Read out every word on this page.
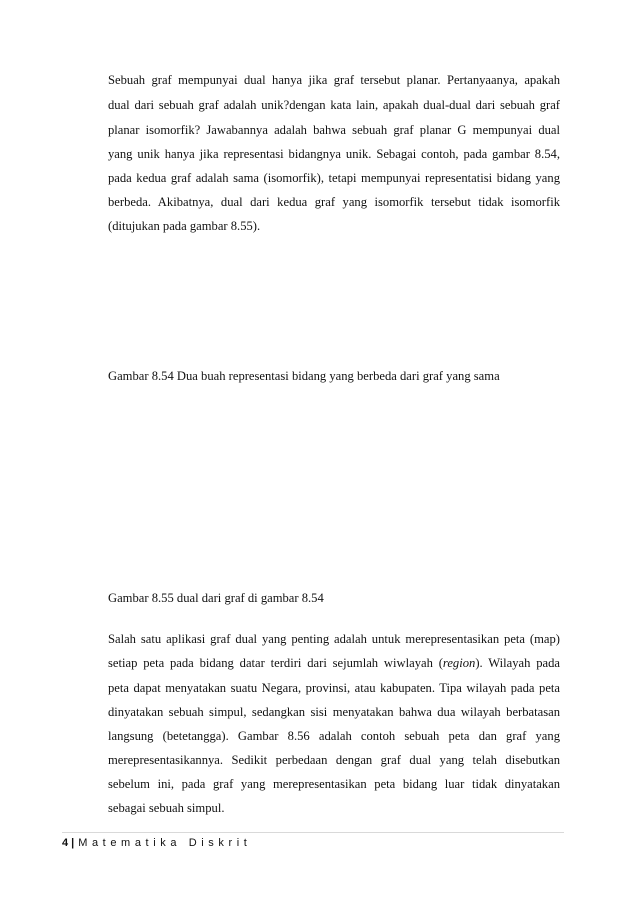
Sebuah graf mempunyai dual hanya jika graf tersebut planar. Pertanyaanya, apakah

dual dari sebuah graf adalah unik?dengan kata lain, apakah dual-dual dari sebuah graf

planar isomorfik? Jawabannya adalah bahwa sebuah graf planar G mempunyai dual

yang unik hanya jika representasi bidangnya unik. Sebagai contoh, pada gambar 8.54,

pada kedua graf adalah sama (isomorfik), tetapi mempunyai representatisi bidang yang

berbeda. Akibatnya, dual dari kedua graf yang isomorfik tersebut tidak isomorfik

(ditujukan pada gambar 8.55).

Gambar 8.54 Dua buah representasi bidang yang berbeda dari graf yang sama

Gambar 8.55 dual dari graf di gambar 8.54

Salah satu aplikasi graf dual yang penting adalah untuk merepresentasikan peta (map)

setiap peta pada bidang datar terdiri dari sejumlah wiwlayah (region). Wilayah pada

peta dapat menyatakan suatu Negara, provinsi, atau kabupaten. Tipa wilayah pada peta

dinyatakan sebuah simpul, sedangkan sisi menyatakan bahwa dua wilayah berbatasan

langsung (betetangga). Gambar 8.56 adalah contoh sebuah peta dan graf yang

merepresentasikannya. Sedikit perbedaan dengan graf dual yang telah disebutkan

sebelum ini, pada graf yang merepresentasikan peta bidang luar tidak dinyatakan

sebagai sebuah simpul.

4 | Matematika Diskrit
